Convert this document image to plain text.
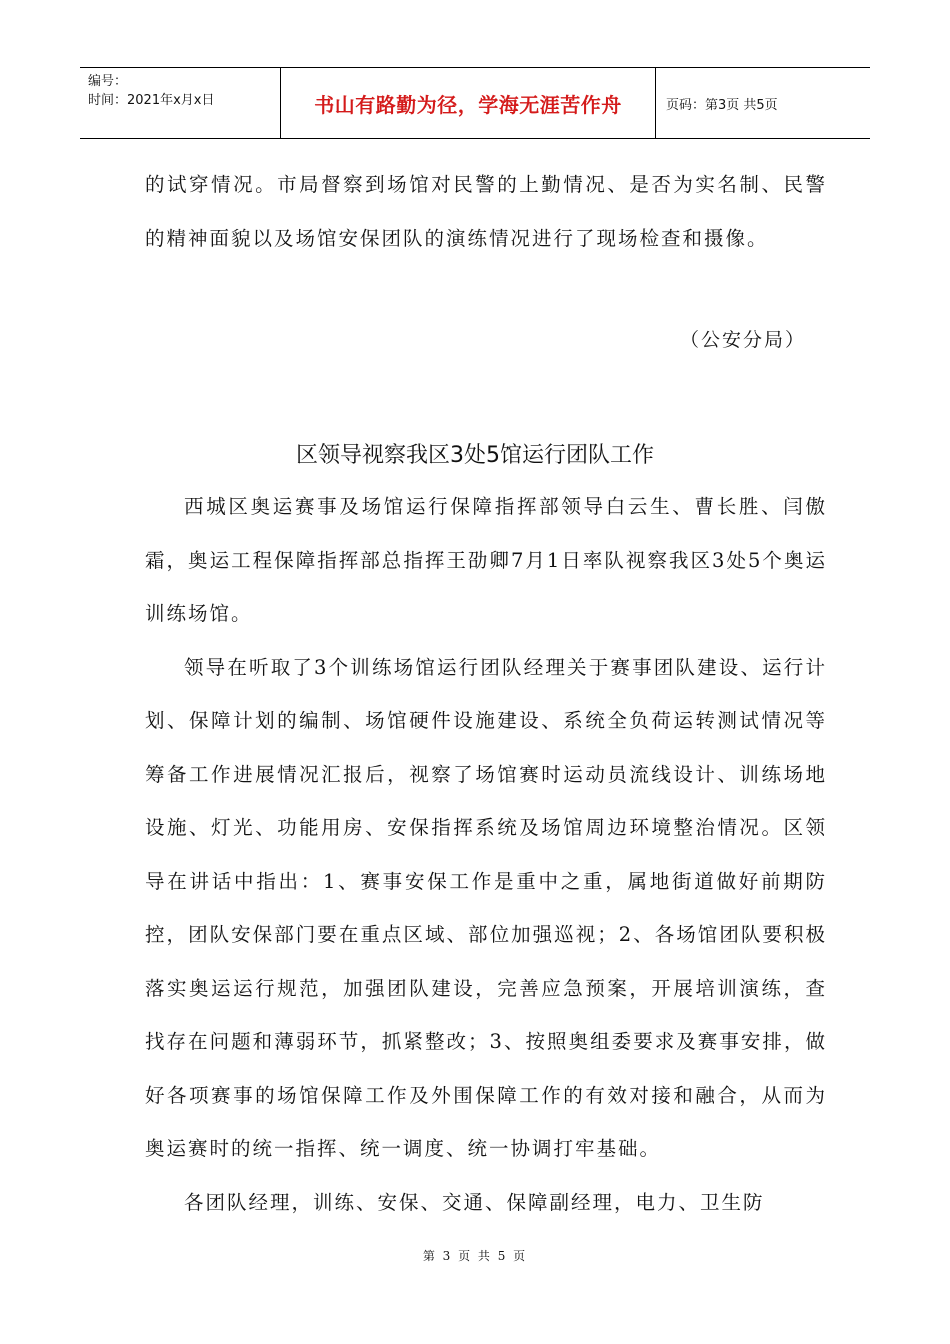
编号：
时间：2021年x月x日	书山有路勤为径，学海无涯苦作舟	页码：第3页 共5页

的试穿情况。市局督察到场馆对民警的上勤情况、是否为实名制、民警的精神面貌以及场馆安保团队的演练情况进行了现场检查和摄像。

（公安分局）
区领导视察我区3处5馆运行团队工作

西城区奥运赛事及场馆运行保障指挥部领导白云生、曹长胜、闫傲霜，奥运工程保障指挥部总指挥王劭卿7月1日率队视察我区3处5个奥运训练场馆。

领导在听取了3个训练场馆运行团队经理关于赛事团队建设、运行计划、保障计划的编制、场馆硬件设施建设、系统全负荷运转测试情况等筹备工作进展情况汇报后，视察了场馆赛时运动员流线设计、训练场地设施、灯光、功能用房、安保指挥系统及场馆周边环境整治情况。区领导在讲话中指出：1、赛事安保工作是重中之重，属地街道做好前期防控，团队安保部门要在重点区域、部位加强巡视；2、各场馆团队要积极落实奥运运行规范，加强团队建设，完善应急预案，开展培训演练，查找存在问题和薄弱环节，抓紧整改；3、按照奥组委要求及赛事安排，做好各项赛事的场馆保障工作及外围保障工作的有效对接和融合，从而为奥运赛时的统一指挥、统一调度、统一协调打牢基础。

各团队经理，训练、安保、交通、保障副经理，电力、卫生防

第 3 页 共 5 页
